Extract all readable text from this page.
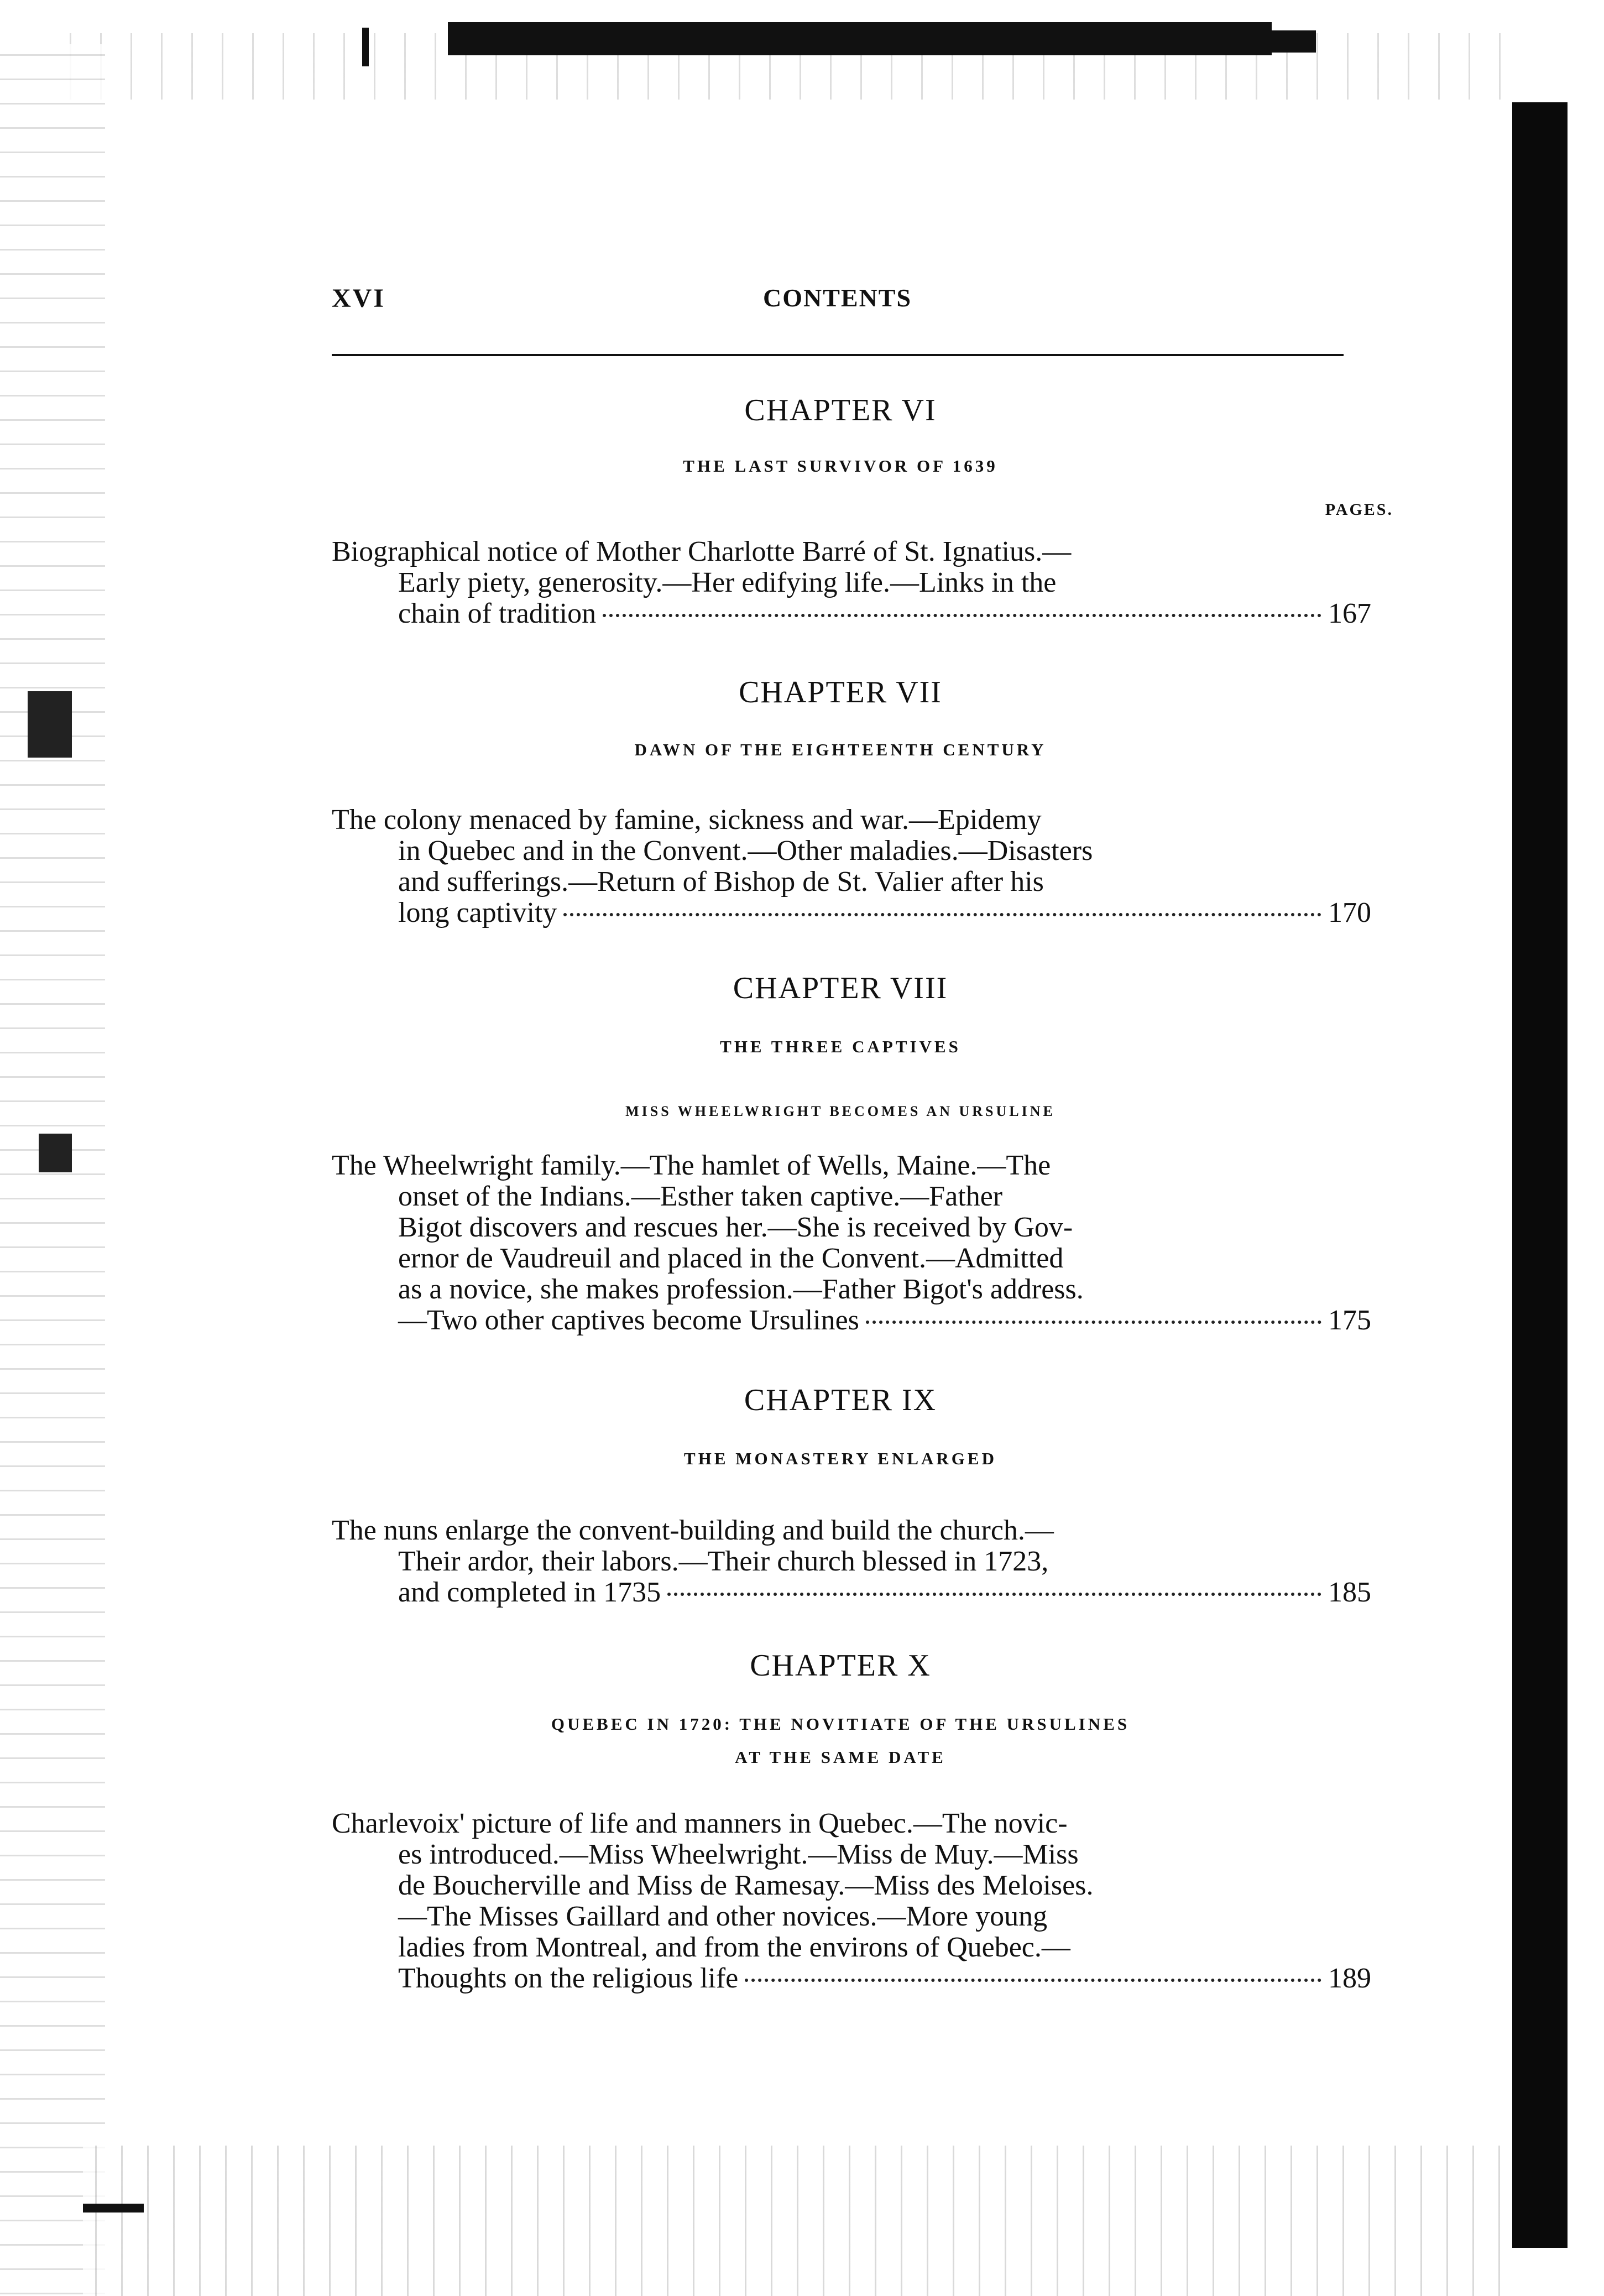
XVI	CONTENTS
CHAPTER VI
THE LAST SURVIVOR OF 1639
PAGES.
Biographical notice of Mother Charlotte Barré of St. Ignatius.—
Early piety, generosity.—Her edifying life.—Links in the
chain of tradition	167
CHAPTER VII
DAWN OF THE EIGHTEENTH CENTURY
The colony menaced by famine, sickness and war.—Epidemy
in Quebec and in the Convent.—Other maladies.—Disasters
and sufferings.—Return of Bishop de St. Valier after his
long captivity	170
CHAPTER VIII
THE THREE CAPTIVES
MISS WHEELWRIGHT BECOMES AN URSULINE
The Wheelwright family.—The hamlet of Wells, Maine.—The
onset of the Indians.—Esther taken captive.—Father
Bigot discovers and rescues her.—She is received by Gov-
ernor de Vaudreuil and placed in the Convent.—Admitted
as a novice, she makes profession.—Father Bigot's address.
—Two other captives become Ursulines	175
CHAPTER IX
THE MONASTERY ENLARGED
The nuns enlarge the convent-building and build the church.—
Their ardor, their labors.—Their church blessed in 1723,
and completed in 1735	185
CHAPTER X
QUEBEC IN 1720: THE NOVITIATE OF THE URSULINES
AT THE SAME DATE
Charlevoix' picture of life and manners in Quebec.—The novic-
es introduced.—Miss Wheelwright.—Miss de Muy.—Miss
de Boucherville and Miss de Ramesay.—Miss des Meloises.
—The Misses Gaillard and other novices.—More young
ladies from Montreal, and from the environs of Quebec.—
Thoughts on the religious life	189
